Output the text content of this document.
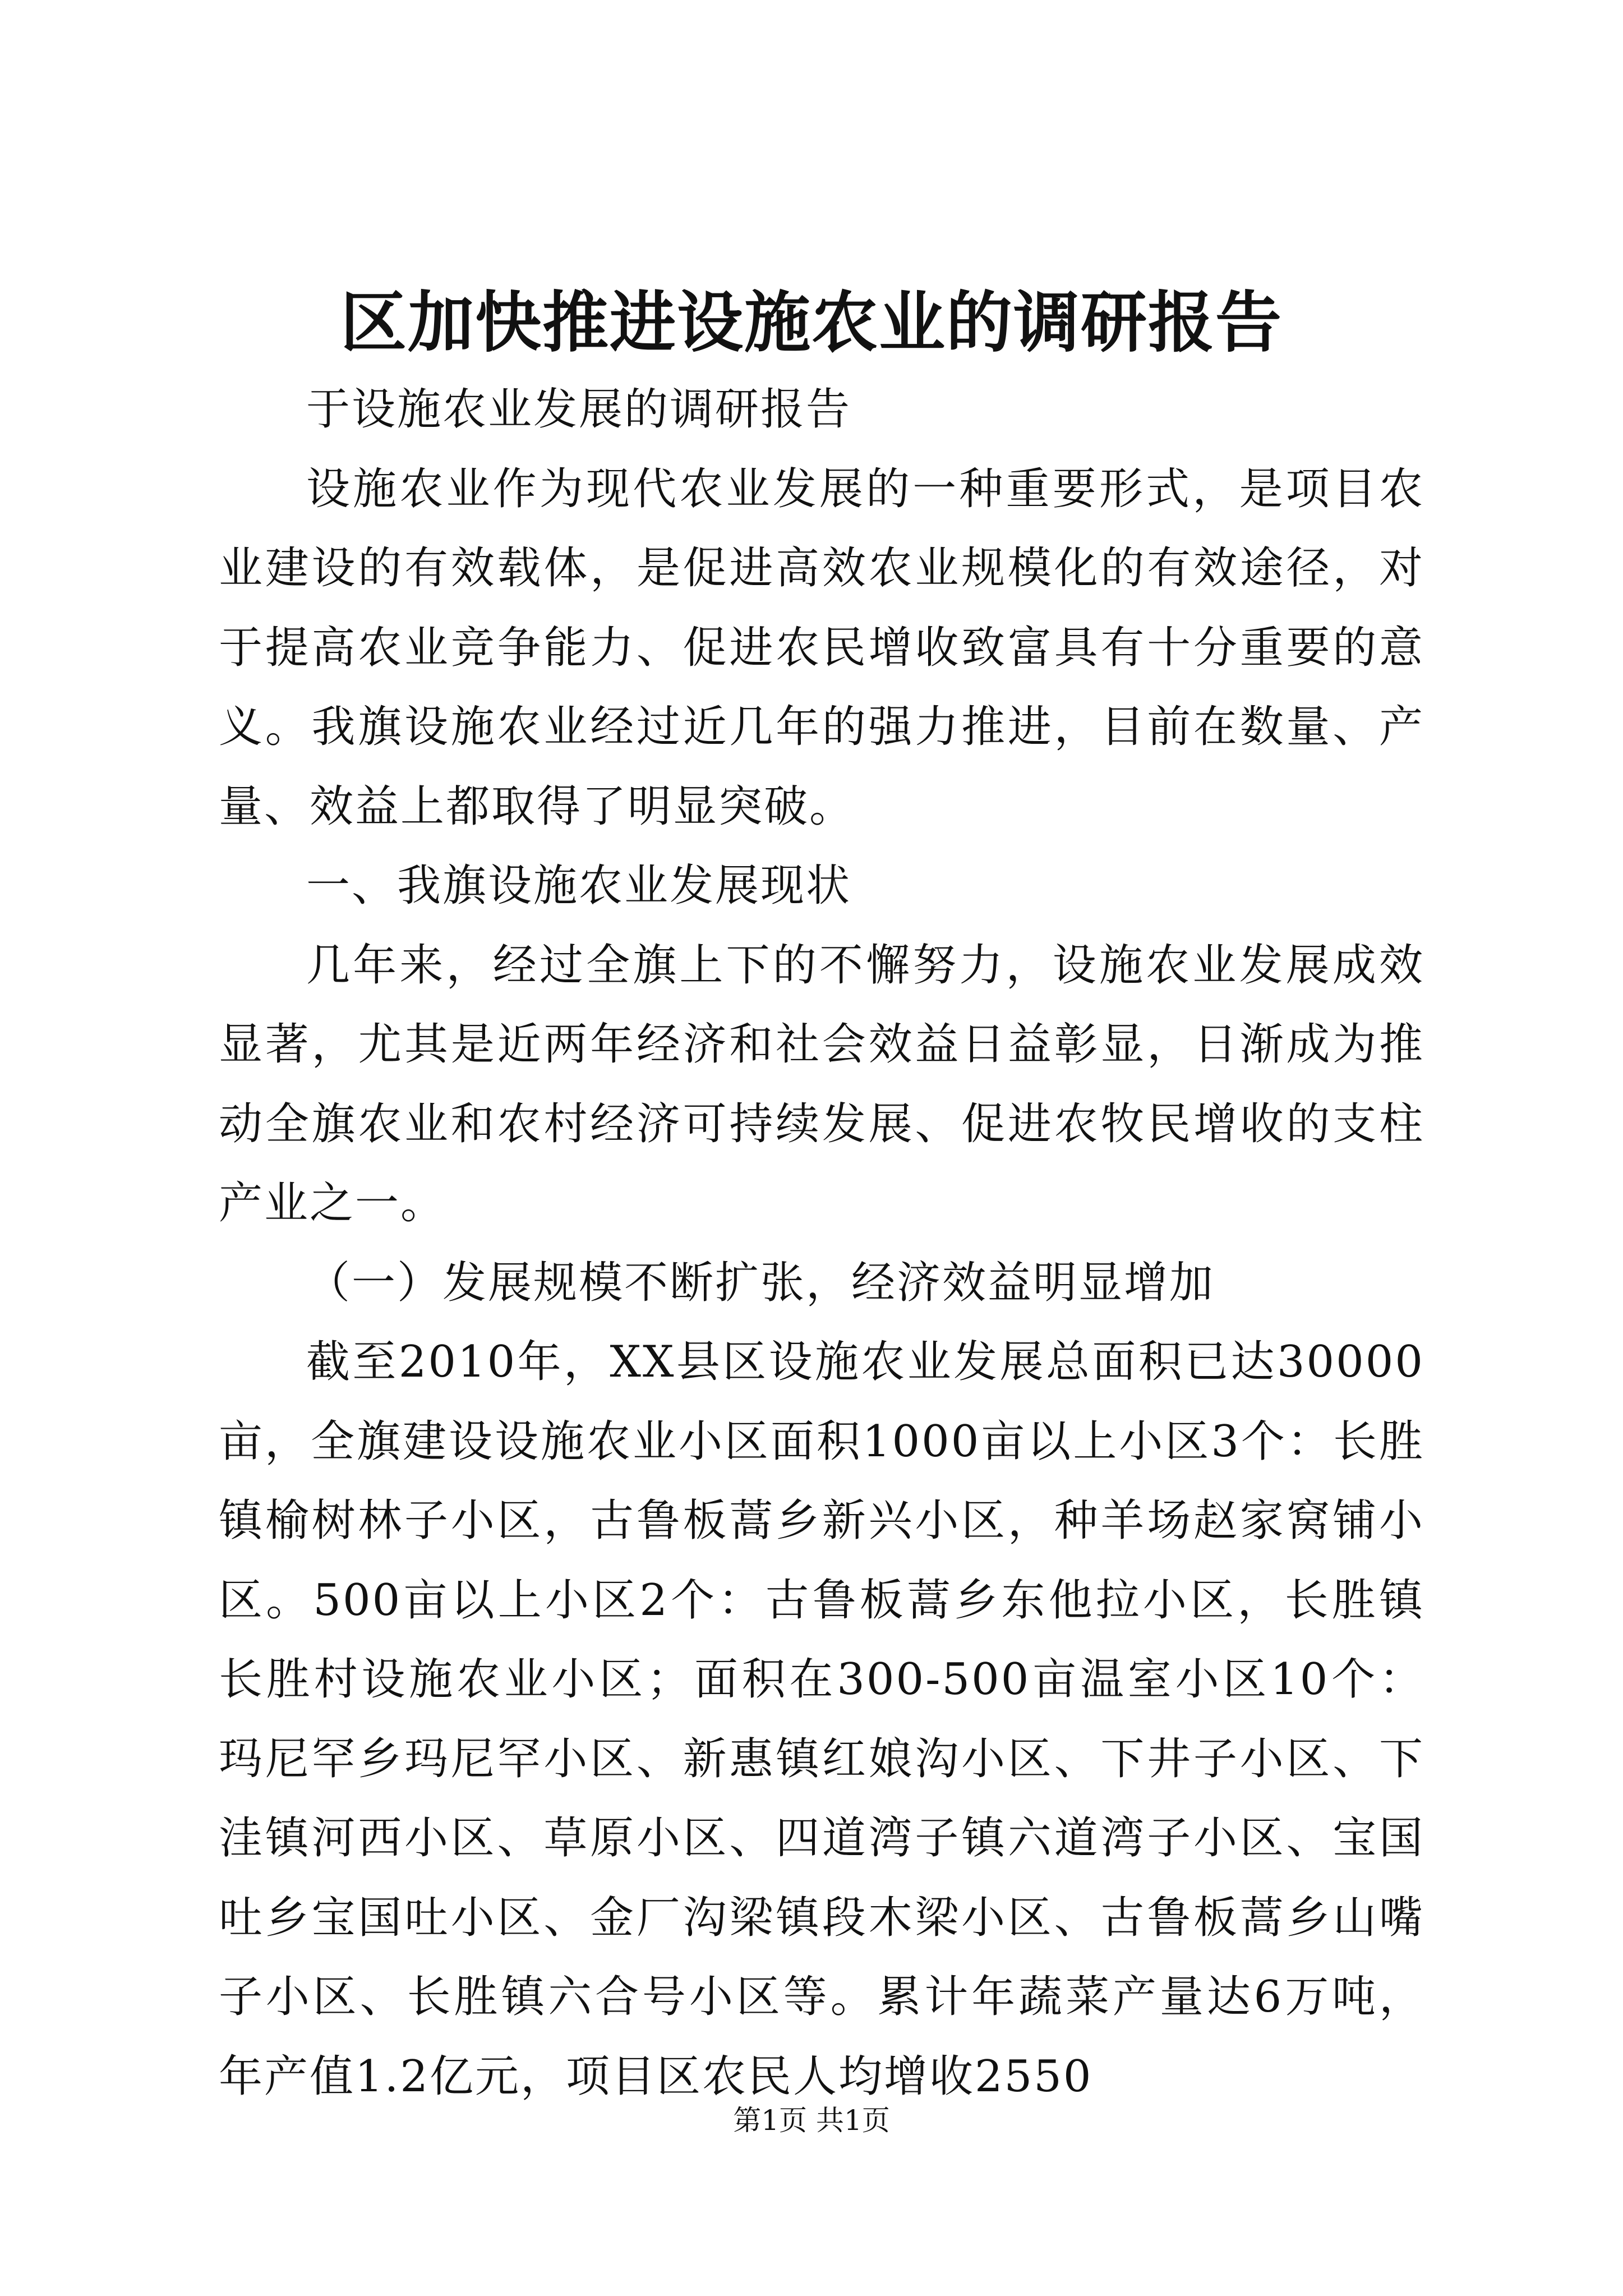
区加快推进设施农业的调研报告

于设施农业发展的调研报告

设施农业作为现代农业发展的一种重要形式，是项目农业建设的有效载体，是促进高效农业规模化的有效途径，对于提高农业竞争能力、促进农民增收致富具有十分重要的意义。我旗设施农业经过近几年的强力推进，目前在数量、产量、效益上都取得了明显突破。

一、我旗设施农业发展现状

几年来，经过全旗上下的不懈努力，设施农业发展成效显著，尤其是近两年经济和社会效益日益彰显，日渐成为推动全旗农业和农村经济可持续发展、促进农牧民增收的支柱产业之一。

（一）发展规模不断扩张，经济效益明显增加

截至2010年，XX县区设施农业发展总面积已达30000亩，全旗建设设施农业小区面积1000亩以上小区3个：长胜镇榆树林子小区，古鲁板蒿乡新兴小区，种羊场赵家窝铺小区。500亩以上小区2个：古鲁板蒿乡东他拉小区，长胜镇长胜村设施农业小区；面积在300-500亩温室小区10个：玛尼罕乡玛尼罕小区、新惠镇红娘沟小区、下井子小区、下洼镇河西小区、草原小区、四道湾子镇六道湾子小区、宝国吐乡宝国吐小区、金厂沟梁镇段木梁小区、古鲁板蒿乡山嘴子小区、长胜镇六合号小区等。累计年蔬菜产量达6万吨，年产值1.2亿元，项目区农民人均增收2550

第1页 共1页
